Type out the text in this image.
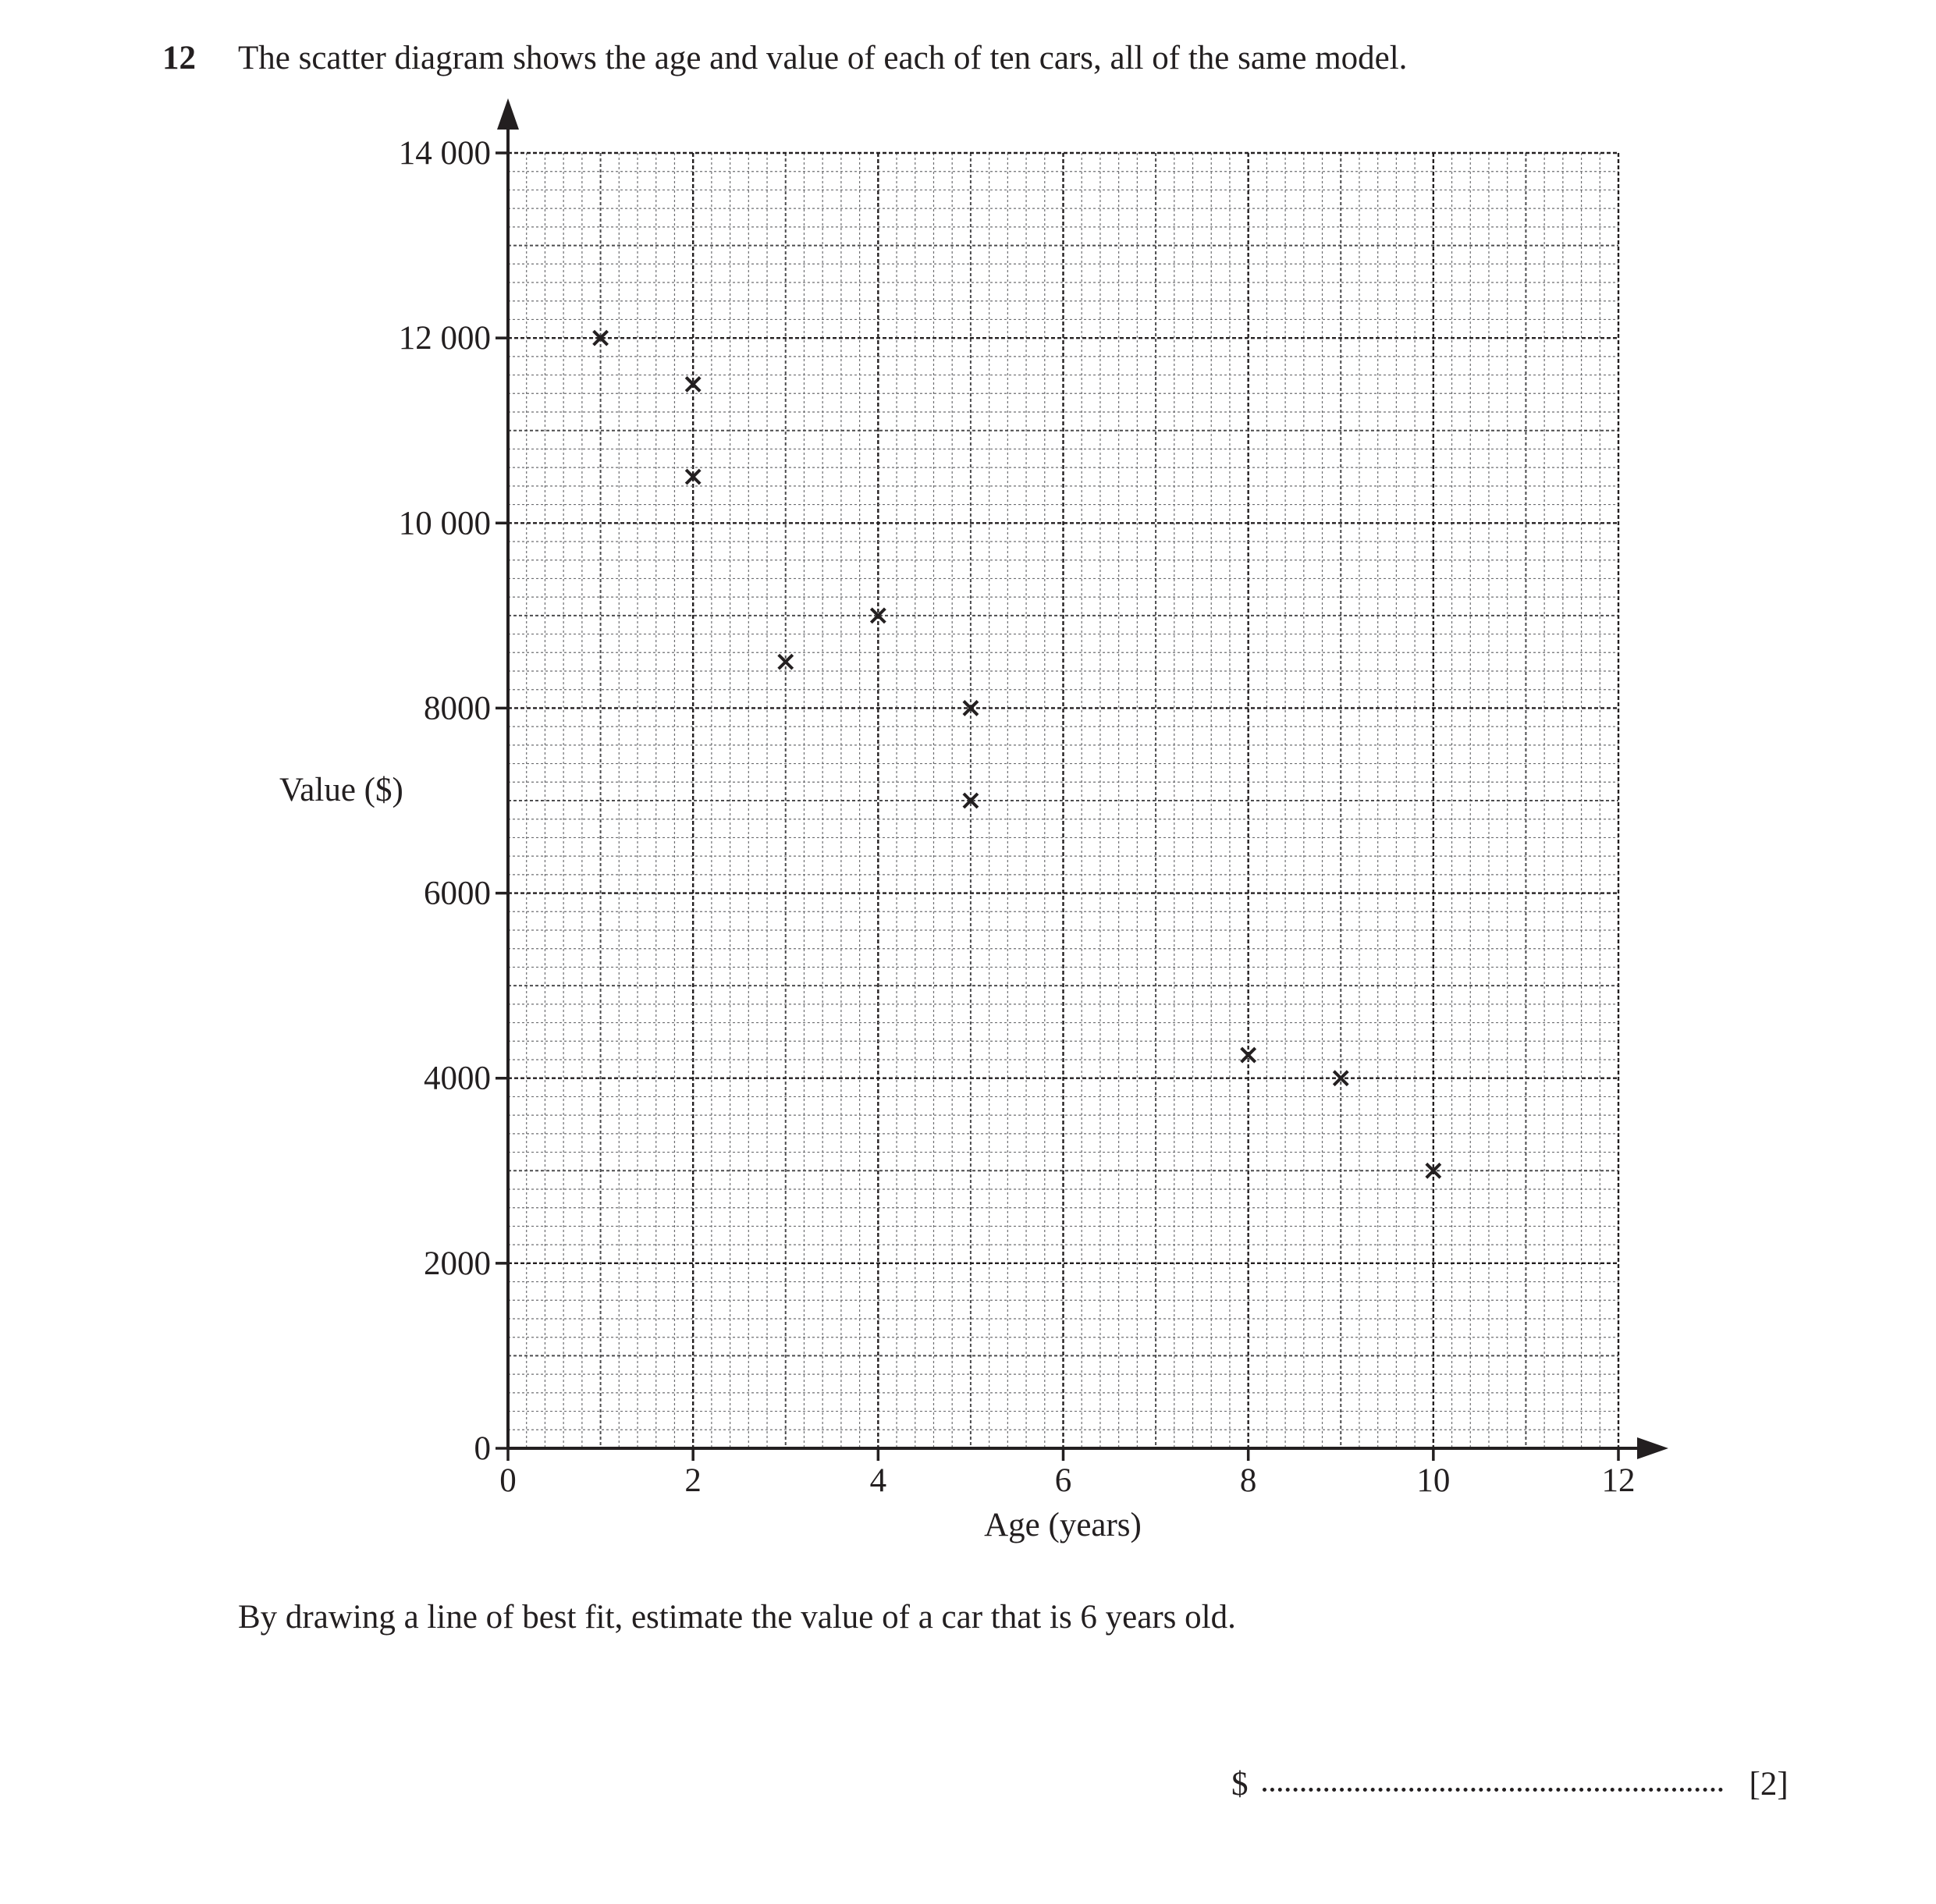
12 The scatter diagram shows the age and value of each of ten cars, all of the same model.
0
2000
4000
6000
8000
10 000
12 000
14 000
0	2	4	6	8	10	12
Value ($)
Age (years)
By drawing a line of best fit, estimate the value of a car that is 6 years old.
$	[2]
